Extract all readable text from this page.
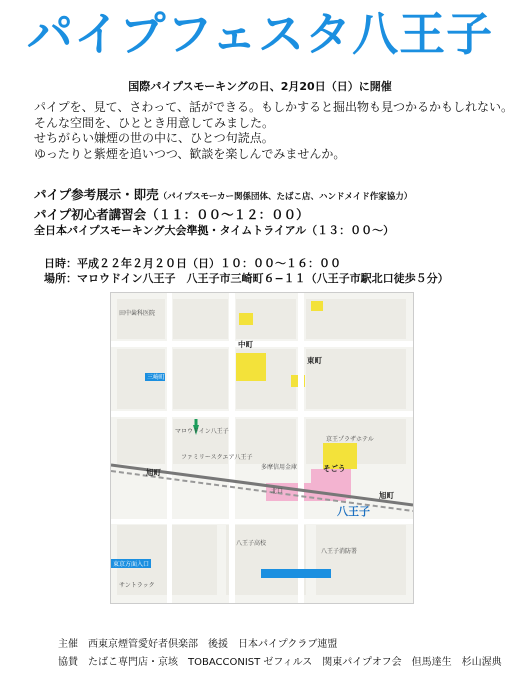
パイプフェスタ八王子
国際パイプスモーキングの日、2月20日（日）に開催
パイプを、見て、さわって、話ができる。もしかすると掘出物も見つかるかもしれない。
そんな空間を、ひととき用意してみました。
せちがらい嫌煙の世の中に、ひとつ句読点。
ゆったりと紫煙を追いつつ、歓談を楽しんでみませんか。
パイプ参考展示・即売（パイプスモーカー関係団体、たばこ店、ハンドメイド作家協力）
パイプ初心者講習会（１１：００〜１２：００）
全日本パイプスモーキング大会準拠・タイムトライアル（１３：００〜）
日時：平成２２年２月２０日（日）１０：００〜１６：００
場所：マロウドイン八王子　八王子市三崎町６−１１（八王子市駅北口徒歩５分）
田中歯科医院
中町
東町
三崎町
マロウドイン八王子
ファミリースクエア八王子
京王プラザホテル
多摩信用金庫	そごう
旭町
旭町
八王子
北口
東京方面入口
サントラック
八王子高校
八王子消防署
主催 西東京煙管愛好者倶楽部 後援 日本パイプクラブ連盟
協賛 たばこ専門店・京垓　TOBACCONIST ゼフィルス　関東パイプオフ会　但馬達生　杉山渥典
